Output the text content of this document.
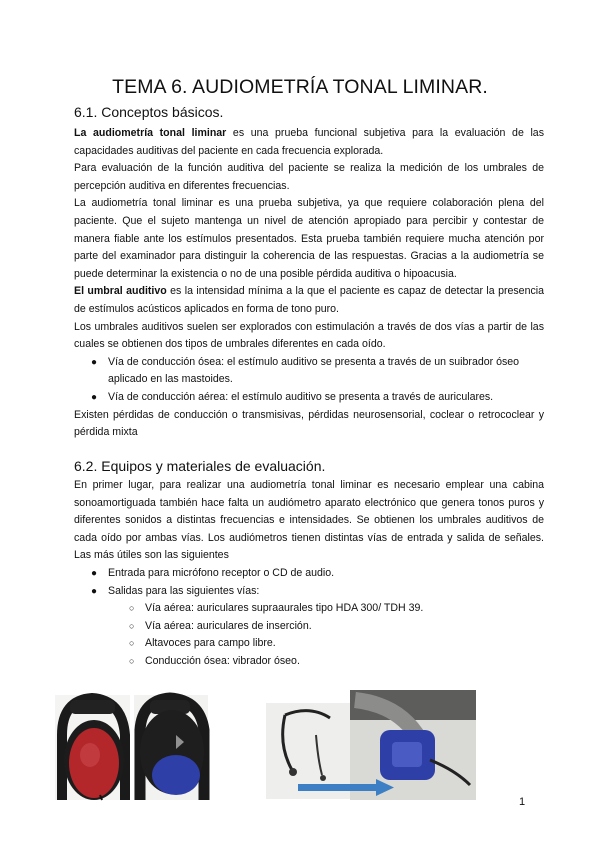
TEMA 6. AUDIOMETRÍA TONAL LIMINAR.
6.1. Conceptos básicos.

La audiometría tonal liminar es una prueba funcional subjetiva para la evaluación de las capacidades auditivas del paciente en cada frecuencia explorada.

Para evaluación de la función auditiva del paciente se realiza la medición de los umbrales de percepción auditiva en diferentes frecuencias.

La audiometría tonal liminar es una prueba subjetiva, ya que requiere colaboración plena del paciente. Que el sujeto mantenga un nivel de atención apropiado para percibir y contestar de manera fiable ante los estímulos presentados. Esta prueba también requiere mucha atención por parte del examinador para distinguir la coherencia de las respuestas. Gracias a la audiometría se puede determinar la existencia o no de una posible pérdida auditiva o hipoacusia.

El umbral auditivo es la intensidad mínima a la que el paciente es capaz de detectar la presencia de estímulos acústicos aplicados en forma de tono puro.

Los umbrales auditivos suelen ser explorados con estimulación a través de dos vías a partir de las cuales se obtienen dos tipos de umbrales diferentes en cada oído.

● Vía de conducción ósea: el estímulo auditivo se presenta a través de un suibrador óseo aplicado en las mastoides.
● Vía de conducción aérea: el estímulo auditivo se presenta a través de auriculares.

Existen pérdidas de conducción o transmisivas, pérdidas neurosensorial, coclear o retrococlear y pérdida mixta

6.2. Equipos y materiales de evaluación.

En primer lugar, para realizar una audiometría tonal liminar es necesario emplear una cabina sonoamortiguada también hace falta un audiómetro aparato electrónico que genera tonos puros y diferentes sonidos a distintas frecuencias e intensidades. Se obtienen los umbrales auditivos de cada oído por ambas vías. Los audiómetros tienen distintas vías de entrada y salida de señales. Las más útiles son las siguientes

● Entrada para micrófono receptor o CD de audio.
● Salidas para las siguientes vías:
○ Vía aérea: auriculares supraaurales tipo HDA 300/ TDH 39.
○ Vía aérea: auriculares de inserción.
○ Altavoces para campo libre.
○ Conducción ósea: vibrador óseo.
1
